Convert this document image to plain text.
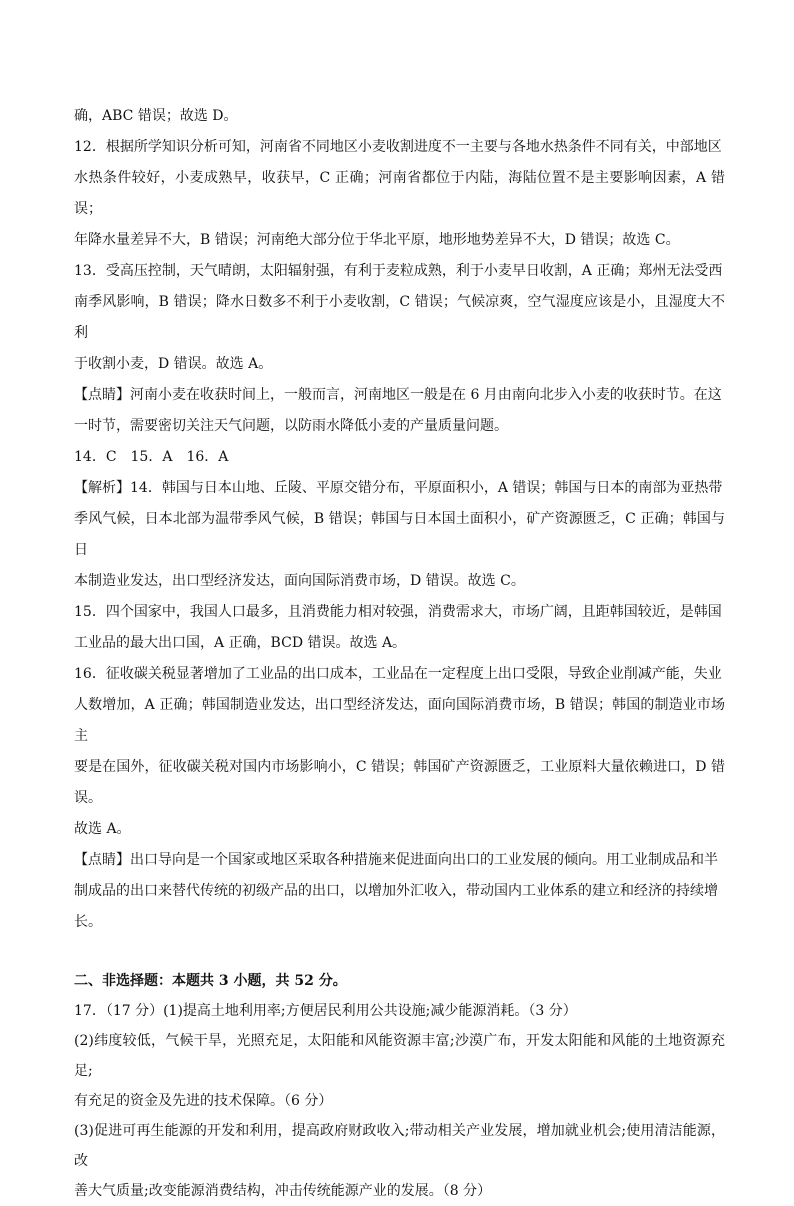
确，ABC 错误；故选 D。

12．根据所学知识分析可知，河南省不同地区小麦收割进度不一主要与各地水热条件不同有关，中部地区

水热条件较好，小麦成熟早，收获早，C 正确；河南省都位于内陆，海陆位置不是主要影响因素，A 错误；

年降水量差异不大，B 错误；河南绝大部分位于华北平原，地形地势差异不大，D 错误；故选 C。

13．受高压控制，天气晴朗，太阳辐射强，有利于麦粒成熟，利于小麦早日收割，A 正确；郑州无法受西

南季风影响，B 错误；降水日数多不利于小麦收割，C 错误；气候凉爽，空气湿度应该是小，且湿度大不利

于收割小麦，D 错误。故选 A。

【点睛】河南小麦在收获时间上，一般而言，河南地区一般是在 6 月由南向北步入小麦的收获时节。在这

一时节，需要密切关注天气问题，以防雨水降低小麦的产量质量问题。

14．C　15．A　16．A

【解析】14．韩国与日本山地、丘陵、平原交错分布，平原面积小，A 错误；韩国与日本的南部为亚热带

季风气候，日本北部为温带季风气候，B 错误；韩国与日本国土面积小，矿产资源匮乏，C 正确；韩国与日

本制造业发达，出口型经济发达，面向国际消费市场，D 错误。故选 C。

15．四个国家中，我国人口最多，且消费能力相对较强，消费需求大，市场广阔，且距韩国较近，是韩国

工业品的最大出口国，A 正确，BCD 错误。故选 A。

16．征收碳关税显著增加了工业品的出口成本，工业品在一定程度上出口受限，导致企业削减产能，失业

人数增加，A 正确；韩国制造业发达，出口型经济发达，面向国际消费市场，B 错误；韩国的制造业市场主

要是在国外，征收碳关税对国内市场影响小，C 错误；韩国矿产资源匮乏，工业原料大量依赖进口，D 错误。

故选 A。

【点睛】出口导向是一个国家或地区采取各种措施来促进面向出口的工业发展的倾向。用工业制成品和半

制成品的出口来替代传统的初级产品的出口，以增加外汇收入，带动国内工业体系的建立和经济的持续增

长。

二、非选择题：本题共 3 小题，共 52 分。

17．（17 分）(1)提高土地利用率;方便居民利用公共设施;减少能源消耗。（3 分）

(2)纬度较低，气候干旱，光照充足，太阳能和风能资源丰富;沙漠广布，开发太阳能和风能的土地资源充足;

有充足的资金及先进的技术保障。（6 分）

(3)促进可再生能源的开发和利用，提高政府财政收入;带动相关产业发展，增加就业机会;使用清洁能源，改

善大气质量;改变能源消费结构，冲击传统能源产业的发展。（8 分）
